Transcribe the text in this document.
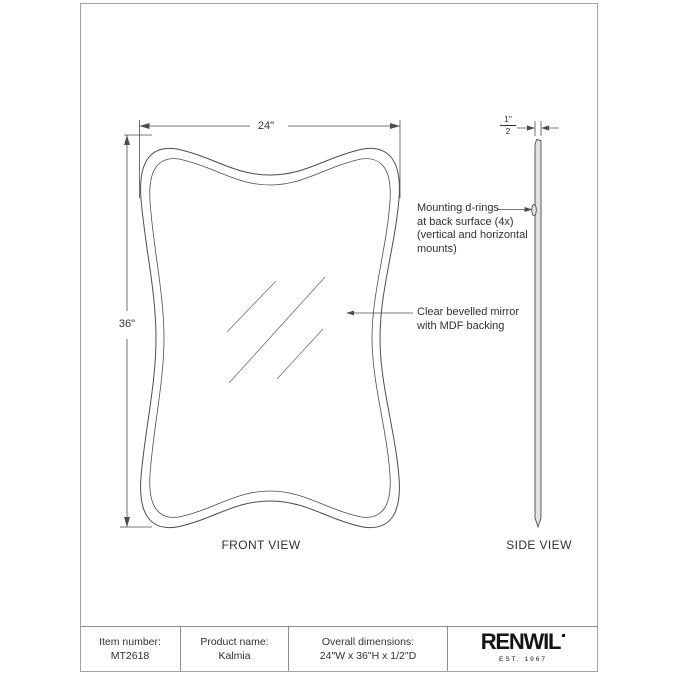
24"
36"
$\frac{1"}{2}$
Mounting d-rings
at back surface (4x)
(vertical and horizontal
mounts)
Clear bevelled mirror
with MDF backing
FRONT VIEW	SIDE VIEW
Item number:
MT2618
Product name:
Kalmia
Overall dimensions:
24"W x 36"H x 1/2"D
RENWIL
EST. 1967
